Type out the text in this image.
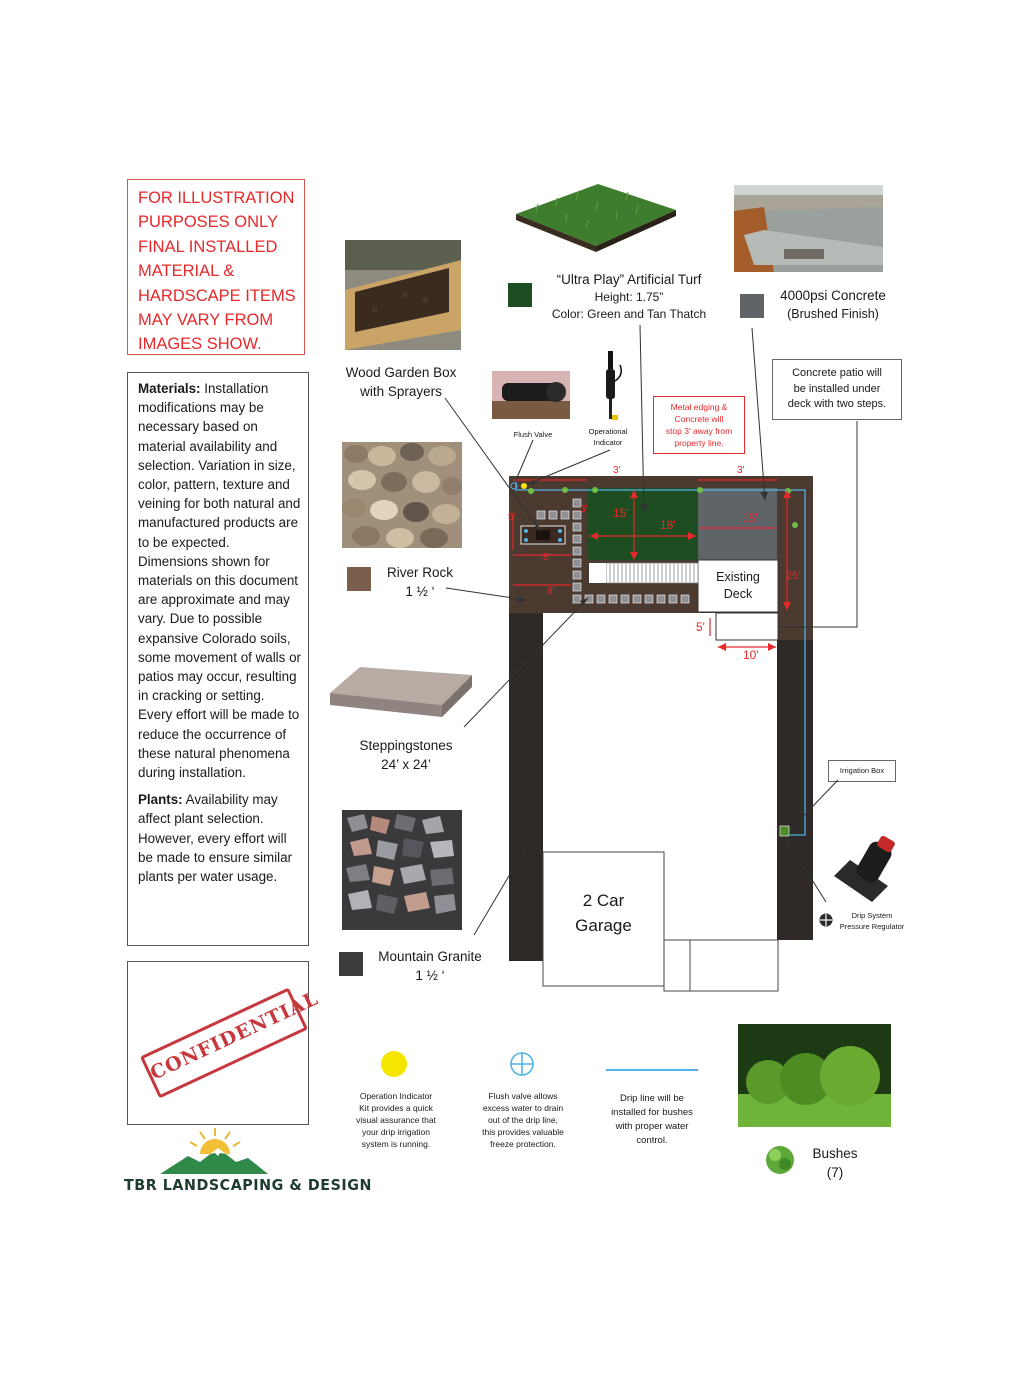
FOR ILLUSTRATION
PURPOSES ONLY
FINAL INSTALLED
MATERIAL &
HARDSCAPE ITEMS
MAY VARY FROM
IMAGES SHOW.

Materials: Installation modifications may be necessary based on material availability and selection. Variation in size, color, pattern, texture and veining for both natural and manufactured products are to be expected. Dimensions shown for materials on this document are approximate and may vary. Due to possible expansive Colorado soils, some movement of walls or patios may occur, resulting in cracking or setting. Every effort will be made to reduce the occurrence of these natural phenomena during installation.

Plants: Availability may affect plant selection. However, every effort will be made to ensure similar plants per water usage.

CONFIDENTIAL
TBR LANDSCAPING & DESIGN
“Ultra Play” Artificial Turf
Height: 1.75”
Color: Green and Tan Thatch
4000psi Concrete
(Brushed Finish)
Wood Garden Box
with Sprayers
Flush Valve	Operational
Indicator
Metal edging &
Concrete will
stop 3' away from
property line.
Concrete patio will
be installed under
deck with two steps.
River Rock
1 ½ ‘
Steppingstones
24’ x 24’
Mountain Granite
1 ½ ‘
Irrigation Box
Drip System
Pressure Regulator
3'	3'
15'
18'	15'
25'
5'
10'
8'
8'
5'
3'
Existing
Deck
2 Car
Garage
Operation Indicator
Kit provides a quick
visual assurance that
your drip irrigation
system is running.
Flush valve allows
excess water to drain
out of the drip line,
this provides valuable
freeze protection.
Drip line will be
installed for bushes
with proper water
control.
Bushes
(7)
